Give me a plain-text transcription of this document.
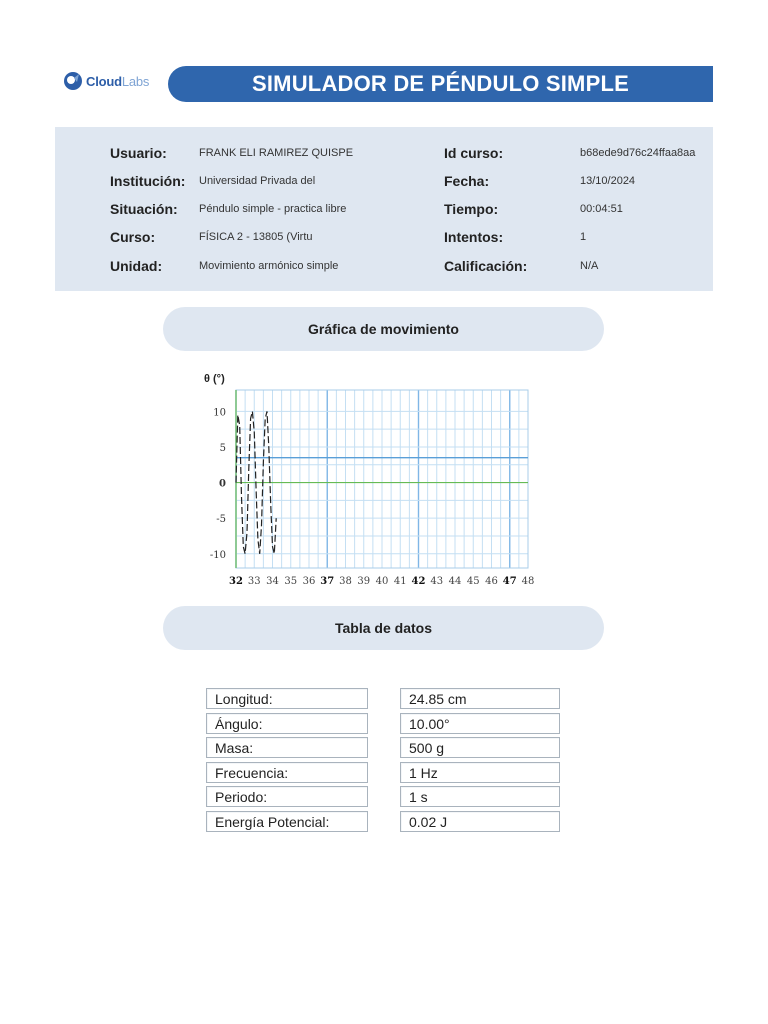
CloudLabs	SIMULADOR DE PÉNDULO SIMPLE
Usuario:	FRANK ELI RAMIREZ QUISPE	Id curso:	b68ede9d76c24ffaa8aa
Institución: Universidad Privada del	Fecha:	13/10/2024
Situación: Péndulo simple - practica libre	Tiempo:	00:04:51
Curso:	FÍSICA 2 - 13805 (Virtu	Intentos:	1
Unidad:	Movimiento armónico simple	Calificación:	N/A
Gráfica de movimiento
θ (°)
10
5
0
-5
-10
32 33 34 35 36 37 38 39 40 41 42 43 44 45 46 47 48
Tabla de datos
Longitud:	24.85 cm
Ángulo:	10.00°
Masa:	500 g
Frecuencia:	1 Hz
Periodo:	1 s
Energía Potencial:	0.02 J
